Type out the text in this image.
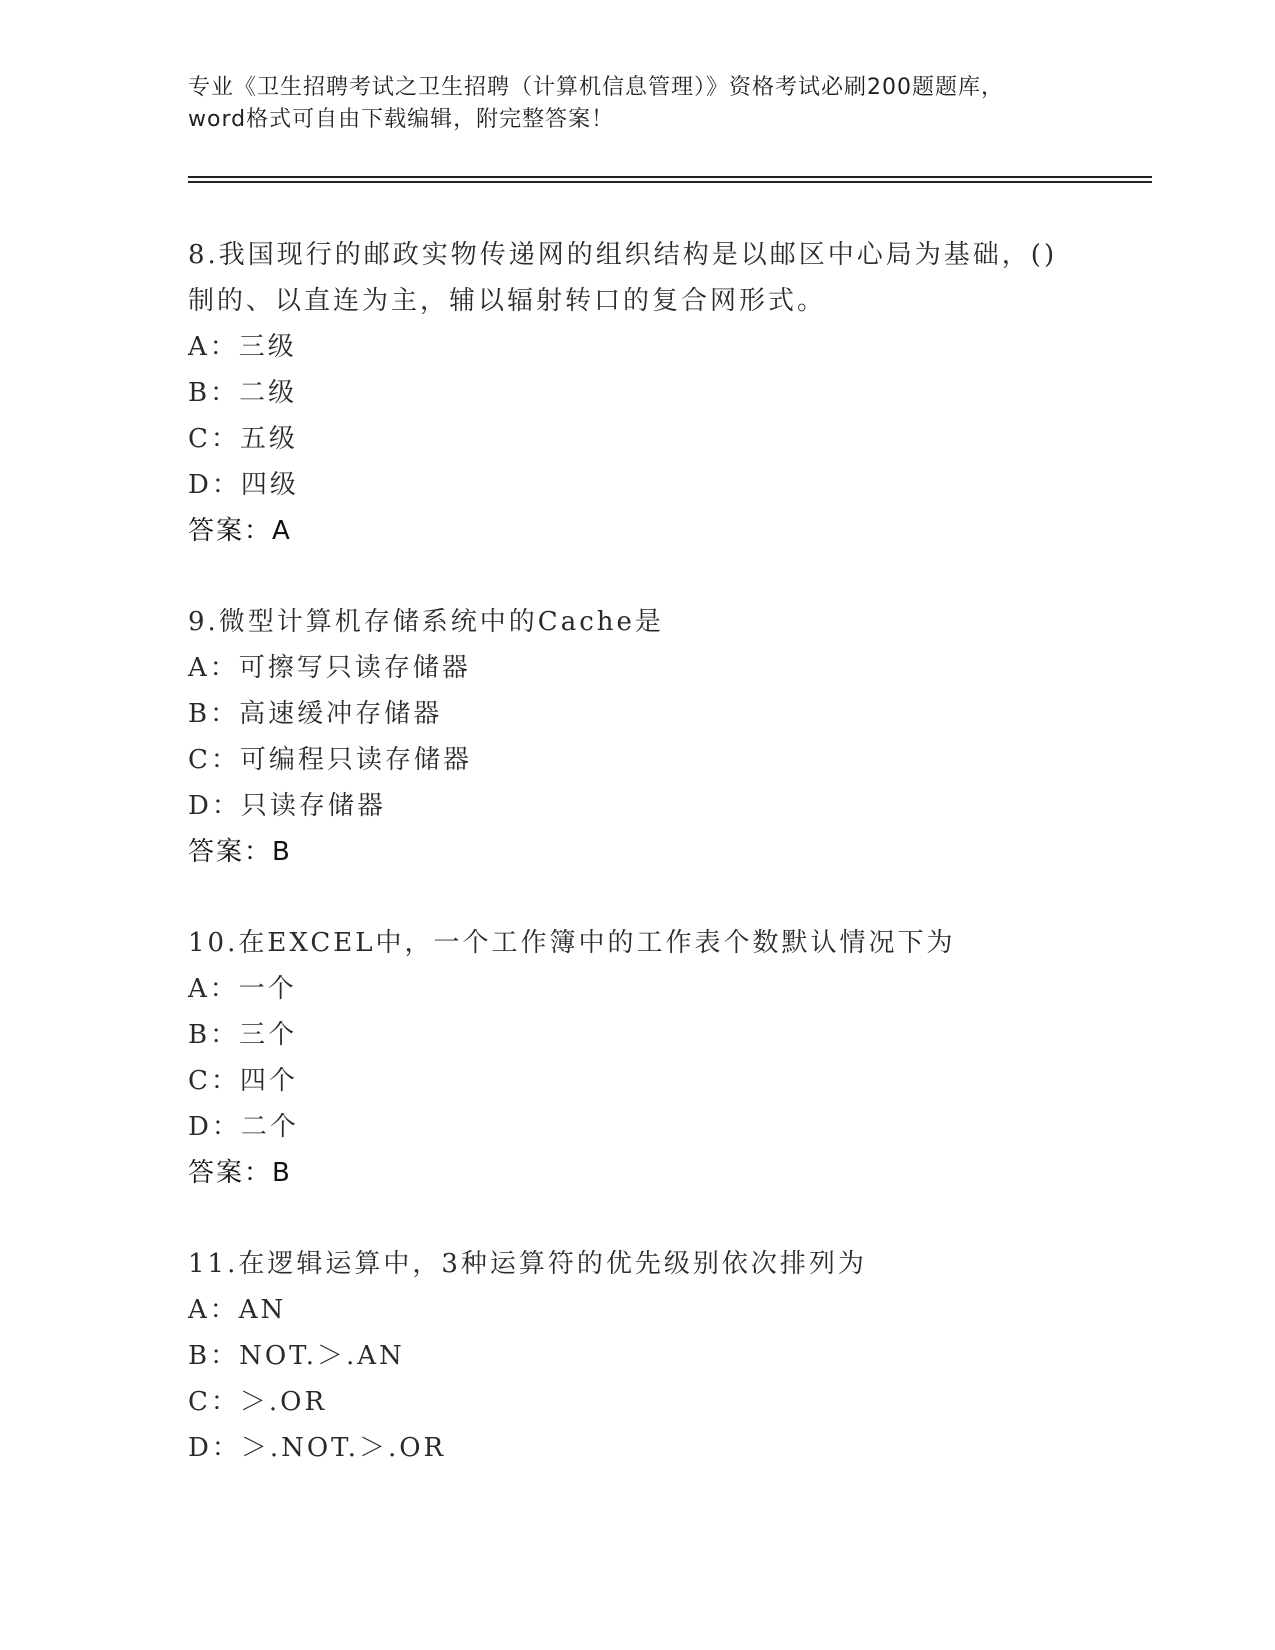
专业《卫生招聘考试之卫生招聘（计算机信息管理）》资格考试必刷200题题库，
word格式可自由下载编辑，附完整答案！
8.我国现行的邮政实物传递网的组织结构是以邮区中心局为基础，()
制的、以直连为主，辅以辐射转口的复合网形式。
A：三级
B：二级
C：五级
D：四级
答案：A
9.微型计算机存储系统中的Cache是
A：可擦写只读存储器
B：高速缓冲存储器
C：可编程只读存储器
D：只读存储器
答案：B
10.在EXCEL中，一个工作簿中的工作表个数默认情况下为
A：一个
B：三个
C：四个
D：二个
答案：B
11.在逻辑运算中，3种运算符的优先级别依次排列为
A：AN
B：NOT.＞.AN
C：＞.OR
D：＞.NOT.＞.OR
